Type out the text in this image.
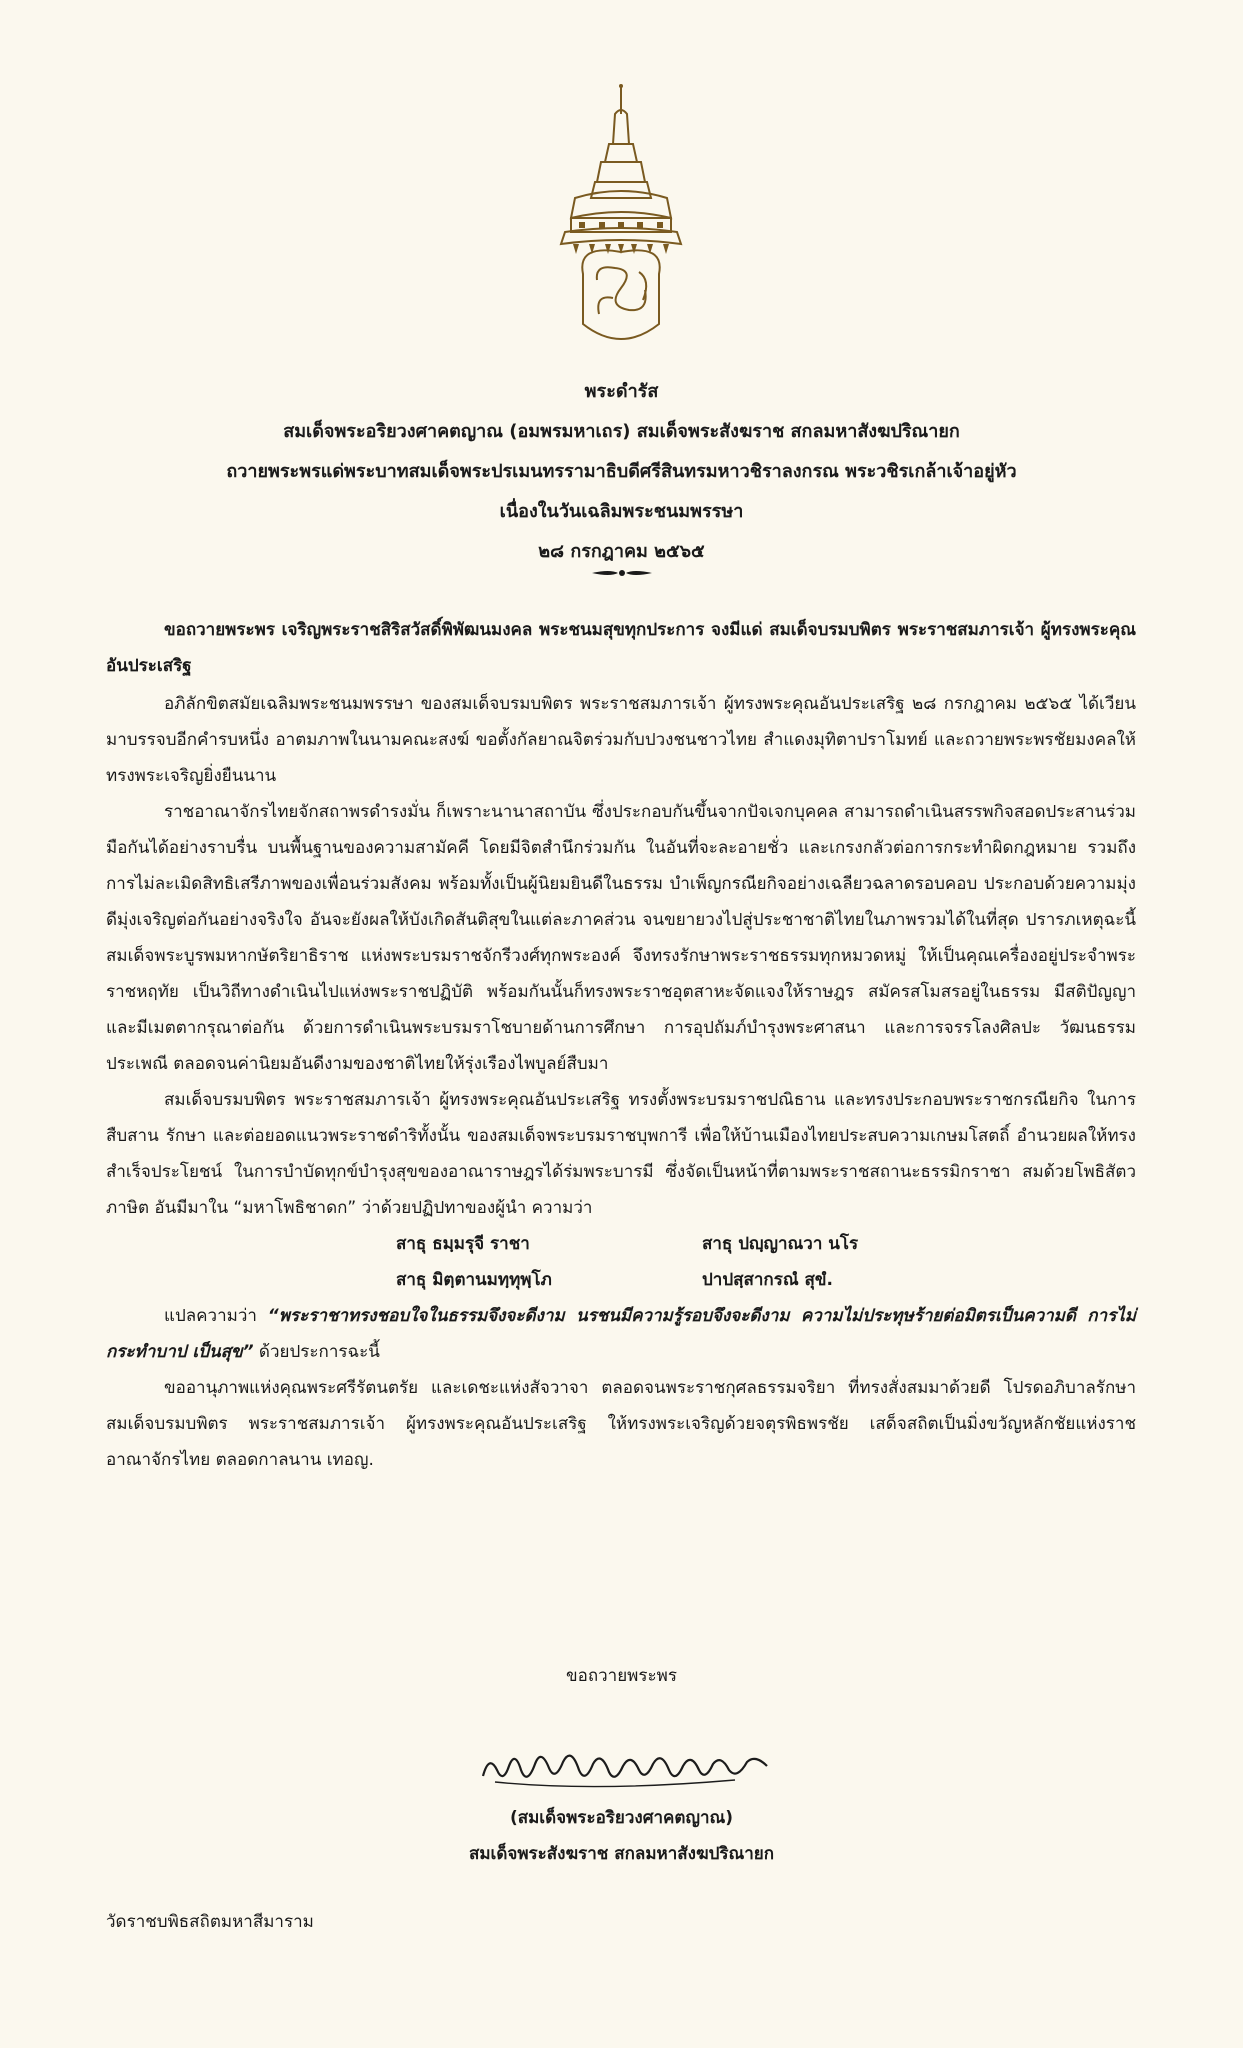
พระดำรัส
สมเด็จพระอริยวงศาคตญาณ (อมพรมหาเถร) สมเด็จพระสังฆราช สกลมหาสังฆปริณายก
ถวายพระพรแด่พระบาทสมเด็จพระปรเมนทรรามาธิบดีศรีสินทรมหาวชิราลงกรณ พระวชิรเกล้าเจ้าอยู่หัว
เนื่องในวันเฉลิมพระชนมพรรษา
๒๘ กรกฎาคม ๒๕๖๕

ขอถวายพระพร เจริญพระราชสิริสวัสดิ์พิพัฒนมงคล พระชนมสุขทุกประการ จงมีแด่ สมเด็จบรมบพิตร พระราชสมภารเจ้า ผู้ทรงพระคุณอันประเสริฐ

อภิลักขิตสมัยเฉลิมพระชนมพรรษา ของสมเด็จบรมบพิตร พระราชสมภารเจ้า ผู้ทรงพระคุณอันประเสริฐ ๒๘ กรกฎาคม ๒๕๖๕ ได้เวียนมาบรรจบอีกคำรบหนึ่ง อาตมภาพในนามคณะสงฆ์ ขอตั้งกัลยาณจิตร่วมกับปวงชนชาวไทย สำแดงมุทิตาปราโมทย์ และถวายพระพรชัยมงคลให้ทรงพระเจริญยิ่งยืนนาน

ราชอาณาจักรไทยจักสถาพรดำรงมั่น ก็เพราะนานาสถาบัน ซึ่งประกอบกันขึ้นจากปัจเจกบุคคล สามารถดำเนินสรรพกิจสอดประสานร่วมมือกันได้อย่างราบรื่น บนพื้นฐานของความสามัคคี โดยมีจิตสำนึกร่วมกัน ในอันที่จะละอายชั่ว และเกรงกลัวต่อการกระทำผิดกฎหมาย รวมถึงการไม่ละเมิดสิทธิเสรีภาพของเพื่อนร่วมสังคม พร้อมทั้งเป็นผู้นิยมยินดีในธรรม บำเพ็ญกรณียกิจอย่างเฉลียวฉลาดรอบคอบ ประกอบด้วยความมุ่งดีมุ่งเจริญต่อกันอย่างจริงใจ อันจะยังผลให้บังเกิดสันติสุขในแต่ละภาคส่วน จนขยายวงไปสู่ประชาชาติไทยในภาพรวมได้ในที่สุด ปรารภเหตุฉะนี้ สมเด็จพระบูรพมหากษัตริยาธิราช แห่งพระบรมราชจักรีวงศ์ทุกพระองค์ จึงทรงรักษาพระราชธรรมทุกหมวดหมู่ ให้เป็นคุณเครื่องอยู่ประจำพระราชหฤทัย เป็นวิถีทางดำเนินไปแห่งพระราชปฏิบัติ พร้อมกันนั้นก็ทรงพระราชอุตสาหะจัดแจงให้ราษฎร สมัครสโมสรอยู่ในธรรม มีสติปัญญา และมีเมตตากรุณาต่อกัน ด้วยการดำเนินพระบรมราโชบายด้านการศึกษา การอุปถัมภ์บำรุงพระศาสนา และการจรรโลงศิลปะ วัฒนธรรมประเพณี ตลอดจนค่านิยมอันดีงามของชาติไทยให้รุ่งเรืองไพบูลย์สืบมา

สมเด็จบรมบพิตร พระราชสมภารเจ้า ผู้ทรงพระคุณอันประเสริฐ ทรงตั้งพระบรมราชปณิธาน และทรงประกอบพระราชกรณียกิจ ในการสืบสาน รักษา และต่อยอดแนวพระราชดำริทั้งนั้น ของสมเด็จพระบรมราชบุพการี เพื่อให้บ้านเมืองไทยประสบความเกษมโสตถิ์ อำนวยผลให้ทรงสำเร็จประโยชน์ ในการบำบัดทุกข์บำรุงสุขของอาณาราษฎรได้ร่มพระบารมี ซึ่งจัดเป็นหน้าที่ตามพระราชสถานะธรรมิกราชา สมด้วยโพธิสัตวภาษิต อันมีมาใน “มหาโพธิชาดก” ว่าด้วยปฏิปทาของผู้นำ ความว่า

สาธุ ธมฺมรุจี ราชา	สาธุ ปญฺญาณวา นโร
สาธุ มิตฺตานมทฺทุพฺโภ	ปาปสฺสากรณํ สุขํ.

แปลความว่า “พระราชาทรงชอบใจในธรรมจึงจะดีงาม นรชนมีความรู้รอบจึงจะดีงาม ความไม่ประทุษร้ายต่อมิตรเป็นความดี การไม่กระทำบาป เป็นสุข” ด้วยประการฉะนี้

ขออานุภาพแห่งคุณพระศรีรัตนตรัย และเดชะแห่งสัจวาจา ตลอดจนพระราชกุศลธรรมจริยา ที่ทรงสั่งสมมาด้วยดี โปรดอภิบาลรักษา สมเด็จบรมบพิตร พระราชสมภารเจ้า ผู้ทรงพระคุณอันประเสริฐ ให้ทรงพระเจริญด้วยจตุรพิธพรชัย เสด็จสถิตเป็นมิ่งขวัญหลักชัยแห่งราชอาณาจักรไทย ตลอดกาลนาน เทอญ.

ขอถวายพระพร
(สมเด็จพระอริยวงศาคตญาณ)
สมเด็จพระสังฆราช สกลมหาสังฆปริณายก
วัดราชบพิธสถิตมหาสีมาราม
